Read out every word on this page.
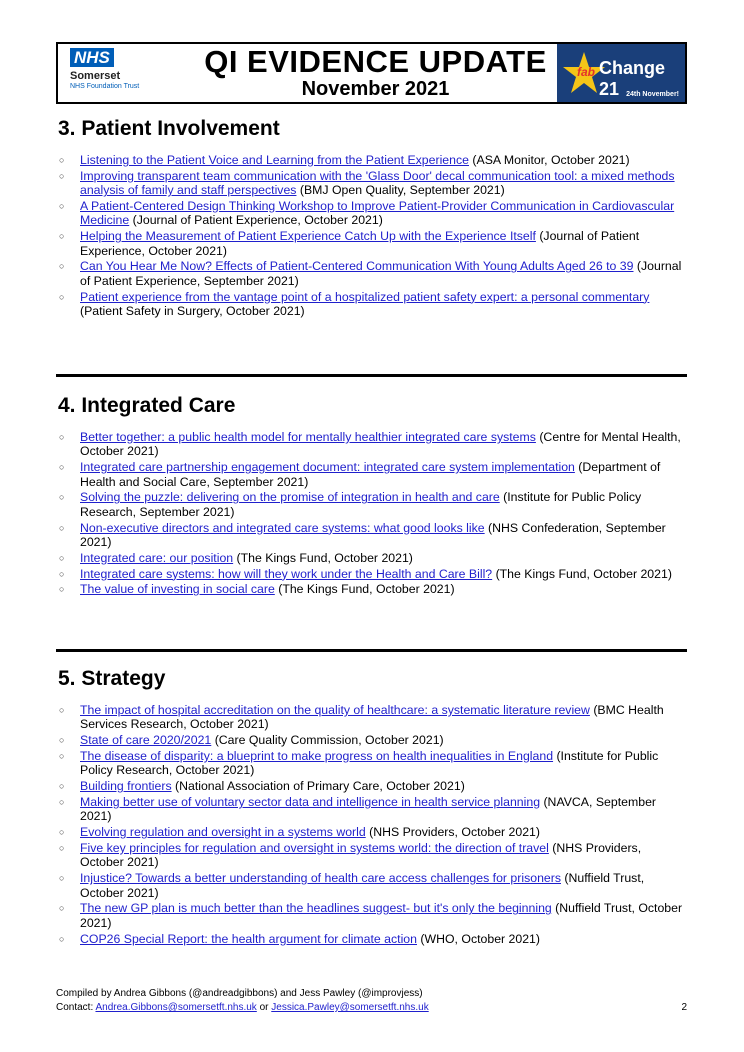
NHS
Somerset
NHS Foundation Trust
QI EVIDENCE UPDATE
November 2021
fab Change 21	24th November!
3. Patient Involvement
○ Listening to the Patient Voice and Learning from the Patient Experience (ASA Monitor, October 2021)
○ Improving transparent team communication with the 'Glass Door' decal communication tool: a mixed methods analysis of family and staff perspectives (BMJ Open Quality, September 2021)
○ A Patient-Centered Design Thinking Workshop to Improve Patient-Provider Communication in Cardiovascular Medicine (Journal of Patient Experience, October 2021)
○ Helping the Measurement of Patient Experience Catch Up with the Experience Itself (Journal of Patient Experience, October 2021)
○ Can You Hear Me Now? Effects of Patient-Centered Communication With Young Adults Aged 26 to 39 (Journal of Patient Experience, September 2021)
○ Patient experience from the vantage point of a hospitalized patient safety expert: a personal commentary (Patient Safety in Surgery, October 2021)
4. Integrated Care
○ Better together: a public health model for mentally healthier integrated care systems (Centre for Mental Health, October 2021)
○ Integrated care partnership engagement document: integrated care system implementation (Department of Health and Social Care, September 2021)
○ Solving the puzzle: delivering on the promise of integration in health and care (Institute for Public Policy Research, September 2021)
○ Non-executive directors and integrated care systems: what good looks like (NHS Confederation, September 2021)
○ Integrated care: our position (The Kings Fund, October 2021)
○ Integrated care systems: how will they work under the Health and Care Bill? (The Kings Fund, October 2021)
○ The value of investing in social care (The Kings Fund, October 2021)
5. Strategy
○ The impact of hospital accreditation on the quality of healthcare: a systematic literature review (BMC Health Services Research, October 2021)
○ State of care 2020/2021 (Care Quality Commission, October 2021)
○ The disease of disparity: a blueprint to make progress on health inequalities in England (Institute for Public Policy Research, October 2021)
○ Building frontiers (National Association of Primary Care, October 2021)
○ Making better use of voluntary sector data and intelligence in health service planning (NAVCA, September 2021)
○ Evolving regulation and oversight in a systems world (NHS Providers, October 2021)
○ Five key principles for regulation and oversight in systems world: the direction of travel (NHS Providers, October 2021)
○ Injustice? Towards a better understanding of health care access challenges for prisoners (Nuffield Trust, October 2021)
○ The new GP plan is much better than the headlines suggest- but it's only the beginning (Nuffield Trust, October 2021)
○ COP26 Special Report: the health argument for climate action (WHO, October 2021)
Compiled by Andrea Gibbons (@andreadgibbons) and Jess Pawley (@improvjess)
Contact: Andrea.Gibbons@somersetft.nhs.uk or Jessica.Pawley@somersetft.nhs.uk	2
